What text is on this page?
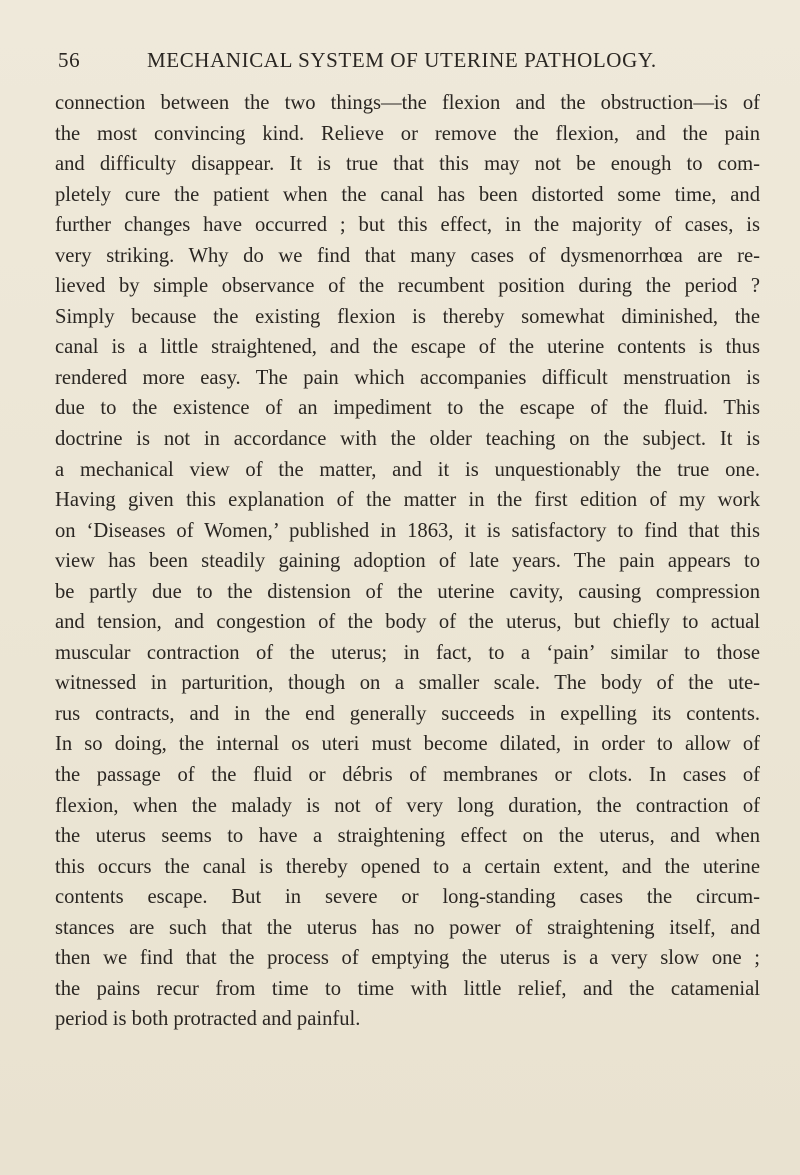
56	MECHANICAL SYSTEM OF UTERINE PATHOLOGY.
connection between the two things—the flexion and the obstruction—is of
the most convincing kind. Relieve or remove the flexion, and the pain
and difficulty disappear. It is true that this may not be enough to com-
pletely cure the patient when the canal has been distorted some time, and
further changes have occurred ; but this effect, in the majority of cases, is
very striking. Why do we find that many cases of dysmenorrhœa are re-
lieved by simple observance of the recumbent position during the period ?
Simply because the existing flexion is thereby somewhat diminished, the
canal is a little straightened, and the escape of the uterine contents is thus
rendered more easy. The pain which accompanies difficult menstruation is
due to the existence of an impediment to the escape of the fluid. This
doctrine is not in accordance with the older teaching on the subject. It is
a mechanical view of the matter, and it is unquestionably the true one.
Having given this explanation of the matter in the first edition of my work
on ‘Diseases of Women,’ published in 1863, it is satisfactory to find that this
view has been steadily gaining adoption of late years. The pain appears to
be partly due to the distension of the uterine cavity, causing compression
and tension, and congestion of the body of the uterus, but chiefly to actual
muscular contraction of the uterus; in fact, to a ‘pain’ similar to those
witnessed in parturition, though on a smaller scale. The body of the ute-
rus contracts, and in the end generally succeeds in expelling its contents.
In so doing, the internal os uteri must become dilated, in order to allow of
the passage of the fluid or débris of membranes or clots. In cases of
flexion, when the malady is not of very long duration, the contraction of
the uterus seems to have a straightening effect on the uterus, and when
this occurs the canal is thereby opened to a certain extent, and the uterine
contents escape. But in severe or long-standing cases the circum-
stances are such that the uterus has no power of straightening itself, and
then we find that the process of emptying the uterus is a very slow one ;
the pains recur from time to time with little relief, and the catamenial
period is both protracted and painful.
